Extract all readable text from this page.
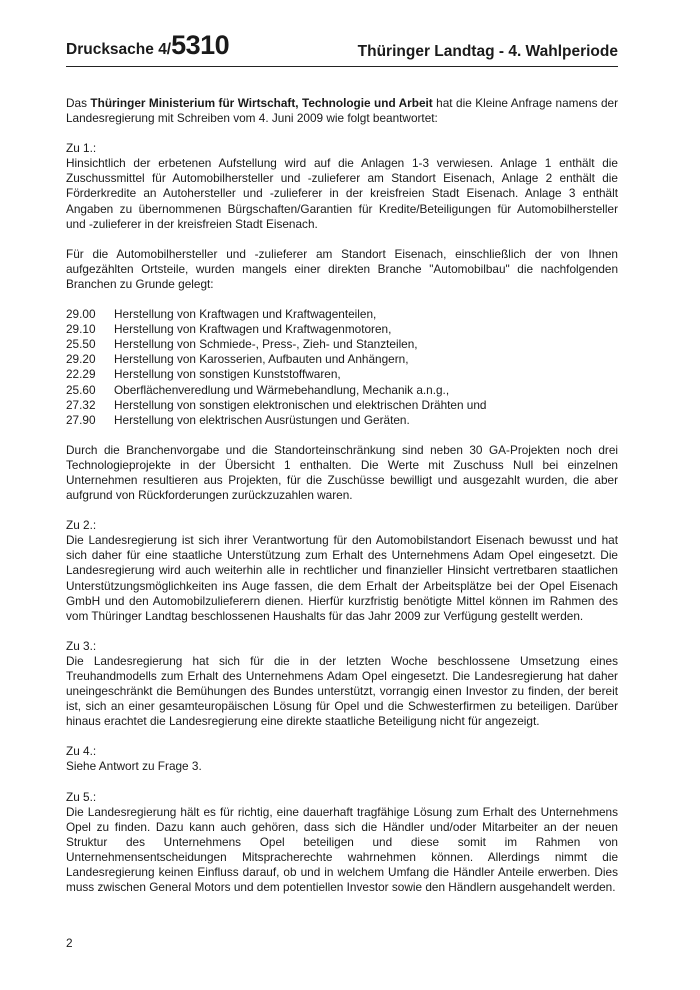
Drucksache 4/5310	Thüringer Landtag - 4. Wahlperiode

Das Thüringer Ministerium für Wirtschaft, Technologie und Arbeit hat die Kleine Anfrage namens der Landesregierung mit Schreiben vom 4. Juni 2009 wie folgt beantwortet:

Zu 1.:
Hinsichtlich der erbetenen Aufstellung wird auf die Anlagen 1-3 verwiesen. Anlage 1 enthält die Zuschussmittel für Automobilhersteller und -zulieferer am Standort Eisenach, Anlage 2 enthält die Förderkredite an Autohersteller und -zulieferer in der kreisfreien Stadt Eisenach. Anlage 3 enthält Angaben zu übernommenen Bürgschaften/Garantien für Kredite/Beteiligungen für Automobilhersteller und -zulieferer in der kreisfreien Stadt Eisenach.

Für die Automobilhersteller und -zulieferer am Standort Eisenach, einschließlich der von Ihnen aufgezählten Ortsteile, wurden mangels einer direkten Branche "Automobilbau" die nachfolgenden Branchen zu Grunde gelegt:

29.00	Herstellung von Kraftwagen und Kraftwagenteilen,
29.10	Herstellung von Kraftwagen und Kraftwagenmotoren,
25.50	Herstellung von Schmiede-, Press-, Zieh- und Stanzteilen,
29.20	Herstellung von Karosserien, Aufbauten und Anhängern,
22.29	Herstellung von sonstigen Kunststoffwaren,
25.60	Oberflächenveredlung und Wärmebehandlung, Mechanik a.n.g.,
27.32	Herstellung von sonstigen elektronischen und elektrischen Drähten und
27.90	Herstellung von elektrischen Ausrüstungen und Geräten.

Durch die Branchenvorgabe und die Standorteinschränkung sind neben 30 GA-Projekten noch drei Technologieprojekte in der Übersicht 1 enthalten. Die Werte mit Zuschuss Null bei einzelnen Unternehmen resultieren aus Projekten, für die Zuschüsse bewilligt und ausgezahlt wurden, die aber aufgrund von Rückforderungen zurückzuzahlen waren.

Zu 2.:
Die Landesregierung ist sich ihrer Verantwortung für den Automobilstandort Eisenach bewusst und hat sich daher für eine staatliche Unterstützung zum Erhalt des Unternehmens Adam Opel eingesetzt. Die Landesregierung wird auch weiterhin alle in rechtlicher und finanzieller Hinsicht vertretbaren staatlichen Unterstützungsmöglichkeiten ins Auge fassen, die dem Erhalt der Arbeitsplätze bei der Opel Eisenach GmbH und den Automobilzulieferern dienen. Hierfür kurzfristig benötigte Mittel können im Rahmen des vom Thüringer Landtag beschlossenen Haushalts für das Jahr 2009 zur Verfügung gestellt werden.
Zu 3.:
Die Landesregierung hat sich für die in der letzten Woche beschlossene Umsetzung eines Treuhandmodells zum Erhalt des Unternehmens Adam Opel eingesetzt. Die Landesregierung hat daher uneingeschränkt die Bemühungen des Bundes unterstützt, vorrangig einen Investor zu finden, der bereit ist, sich an einer gesamteuropäischen Lösung für Opel und die Schwesterfirmen zu beteiligen. Darüber hinaus erachtet die Landesregierung eine direkte staatliche Beteiligung nicht für angezeigt.
Zu 4.:
Siehe Antwort zu Frage 3.
Zu 5.:
Die Landesregierung hält es für richtig, eine dauerhaft tragfähige Lösung zum Erhalt des Unternehmens Opel zu finden. Dazu kann auch gehören, dass sich die Händler und/oder Mitarbeiter an der neuen Struktur des Unternehmens Opel beteiligen und diese somit im Rahmen von Unternehmensentscheidungen Mitspracherechte wahrnehmen können. Allerdings nimmt die Landesregierung keinen Einfluss darauf, ob und in welchem Umfang die Händler Anteile erwerben. Dies muss zwischen General Motors und dem potentiellen Investor sowie den Händlern ausgehandelt werden.
2
